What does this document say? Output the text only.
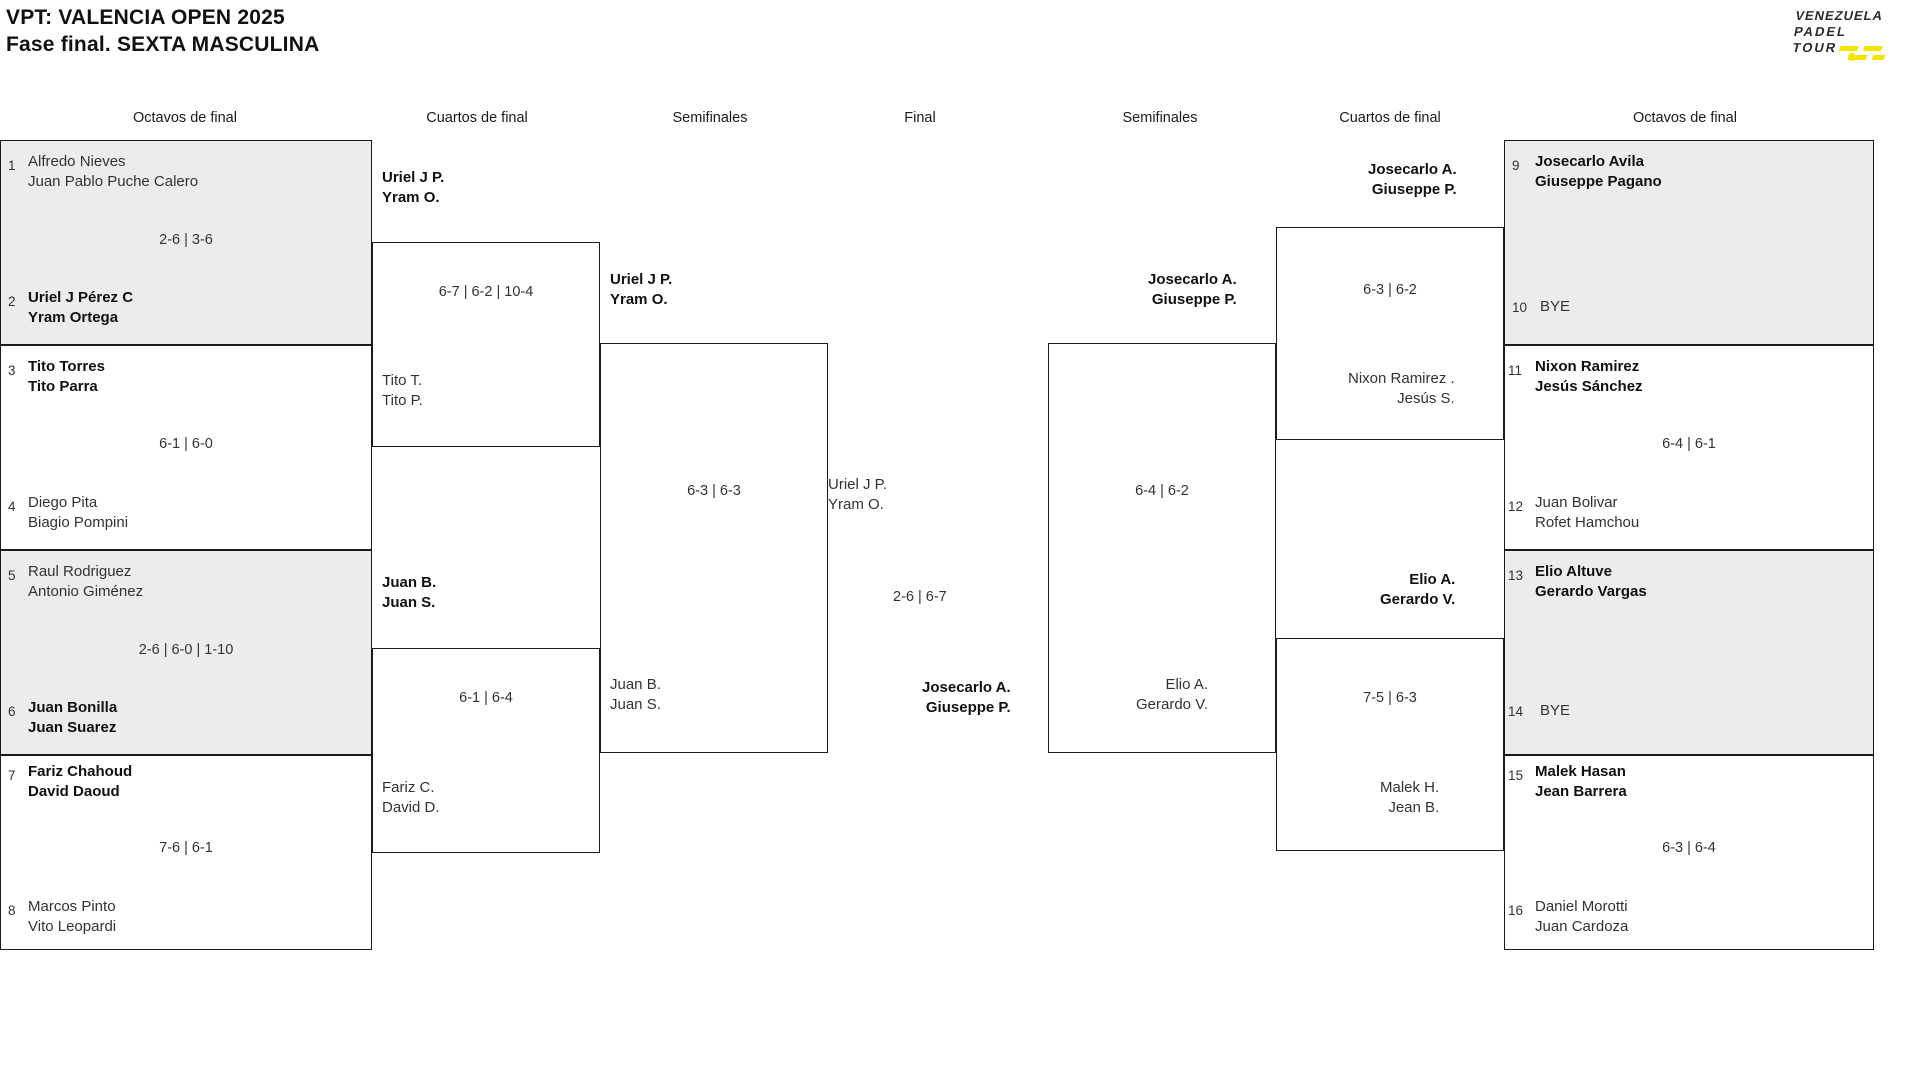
VPT: VALENCIA OPEN 2025
Fase final. SEXTA MASCULINA
VENEZUELA
PADEL
TOUR
Octavos de final	Cuartos de final	Semifinales	Final	Semifinales	Cuartos de final	Octavos de final
1 Alfredo Nieves
Juan Pablo Puche Calero
2-6 | 3-6
2 Uriel J Pérez C
Yram Ortega
3 Tito Torres
Tito Parra
6-1 | 6-0
4 Diego Pita
Biagio Pompini
5 Raul Rodriguez
Antonio Giménez
2-6 | 6-0 | 1-10
6 Juan Bonilla
Juan Suarez
7 Fariz Chahoud
David Daoud
7-6 | 6-1
8 Marcos Pinto
Vito Leopardi
Uriel J P.
Yram O.
6-7 | 6-2 | 10-4
Tito T.
Tito P.
Juan B.
Juan S.
6-1 | 6-4
Fariz C.
David D.
Uriel J P.
Yram O.
6-3 | 6-3
Juan B.
Juan S.
Uriel J P.
Yram O.
2-6 | 6-7
Josecarlo A.
Giuseppe P.
Josecarlo A.
Giuseppe P.
6-4 | 6-2
Elio A.
Gerardo V.
Josecarlo A.
Giuseppe P.
6-3 | 6-2
Nixon Ramirez .
Jesús S.
Elio A.
Gerardo V.
7-5 | 6-3
Malek H.
Jean B.
9 Josecarlo Avila
Giuseppe Pagano
10 BYE
11 Nixon Ramirez
Jesús Sánchez
6-4 | 6-1
12 Juan Bolivar
Rofet Hamchou
13 Elio Altuve
Gerardo Vargas
14 BYE
15 Malek Hasan
Jean Barrera
6-3 | 6-4
16 Daniel Morotti
Juan Cardoza
